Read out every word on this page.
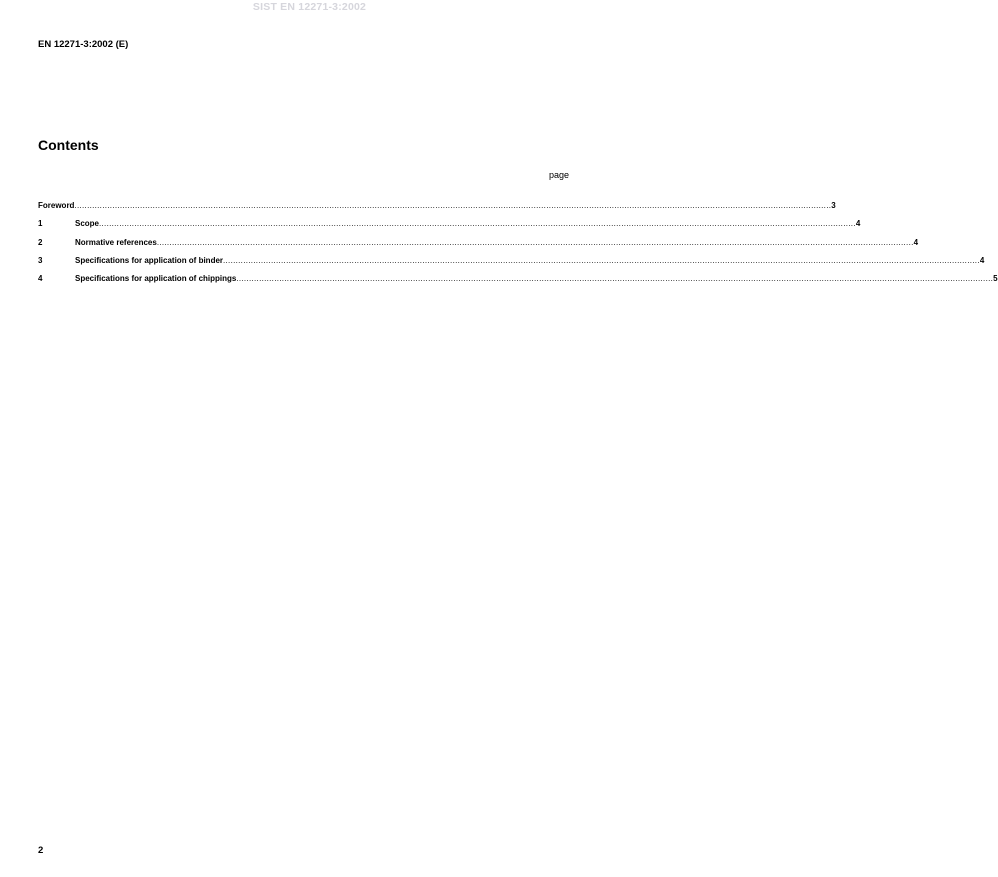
SIST EN 12271-3:2002
EN 12271-3:2002 (E)
Contents
page
Foreword ............................................................................................................................................................................................................................................................................................................ 3
1	Scope ............................................................................................................................................................................................................................................................................................................ 4
2	Normative references ............................................................................................................................................................................................................................................................................................................ 4
3	Specifications for application of binder ............................................................................................................................................................................................................................................................................................................ 4
4	Specifications for application of chippings ............................................................................................................................................................................................................................................................................................................ 5
2
